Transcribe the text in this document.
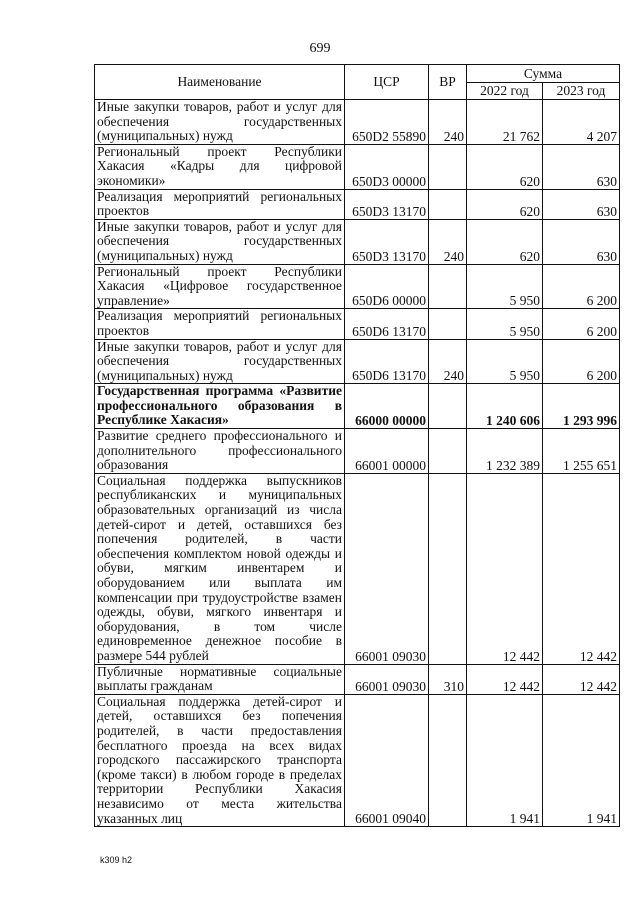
699
Наименование	ЦСР	ВР	Сумма	
			2022 год	2023 год
Иные закупки товаров, работ и услуг для обеспечения государственных (муниципальных) нужд	650D2 55890	240	21 762	4 207
Региональный проект Республики Хакасия «Кадры для цифровой экономики»	650D3 00000		620	630
Реализация мероприятий региональных проектов	650D3 13170		620	630
Иные закупки товаров, работ и услуг для обеспечения государственных (муниципальных) нужд	650D3 13170	240	620	630
Региональный проект Республики Хакасия «Цифровое государственное управление»	650D6 00000		5 950	6 200
Реализация мероприятий региональных проектов	650D6 13170		5 950	6 200
Иные закупки товаров, работ и услуг для обеспечения государственных (муниципальных) нужд	650D6 13170	240	5 950	6 200
Государственная программа «Развитие профессионального образования в Республике Хакасия»	66000 00000		1 240 606	1 293 996
Развитие среднего профессионального и дополнительного профессионального образования	66001 00000		1 232 389	1 255 651
Социальная поддержка выпускников республиканских и муниципальных образовательных организаций из числа детей-сирот и детей, оставшихся без попечения родителей, в части обеспечения комплектом новой одежды и обуви, мягким инвентарем и оборудованием или выплата им компенсации при трудоустройстве взамен одежды, обуви, мягкого инвентаря и оборудования, в том числе единовременное денежное пособие в размере 544 рублей	66001 09030		12 442	12 442
Публичные нормативные социальные выплаты гражданам	66001 09030	310	12 442	12 442
Социальная поддержка детей-сирот и детей, оставшихся без попечения родителей, в части предоставления бесплатного проезда на всех видах городского пассажирского транспорта (кроме такси) в любом городе в пределах территории Республики Хакасия независимо от места жительства указанных лиц	66001 09040		1 941	1 941
k309 h2
